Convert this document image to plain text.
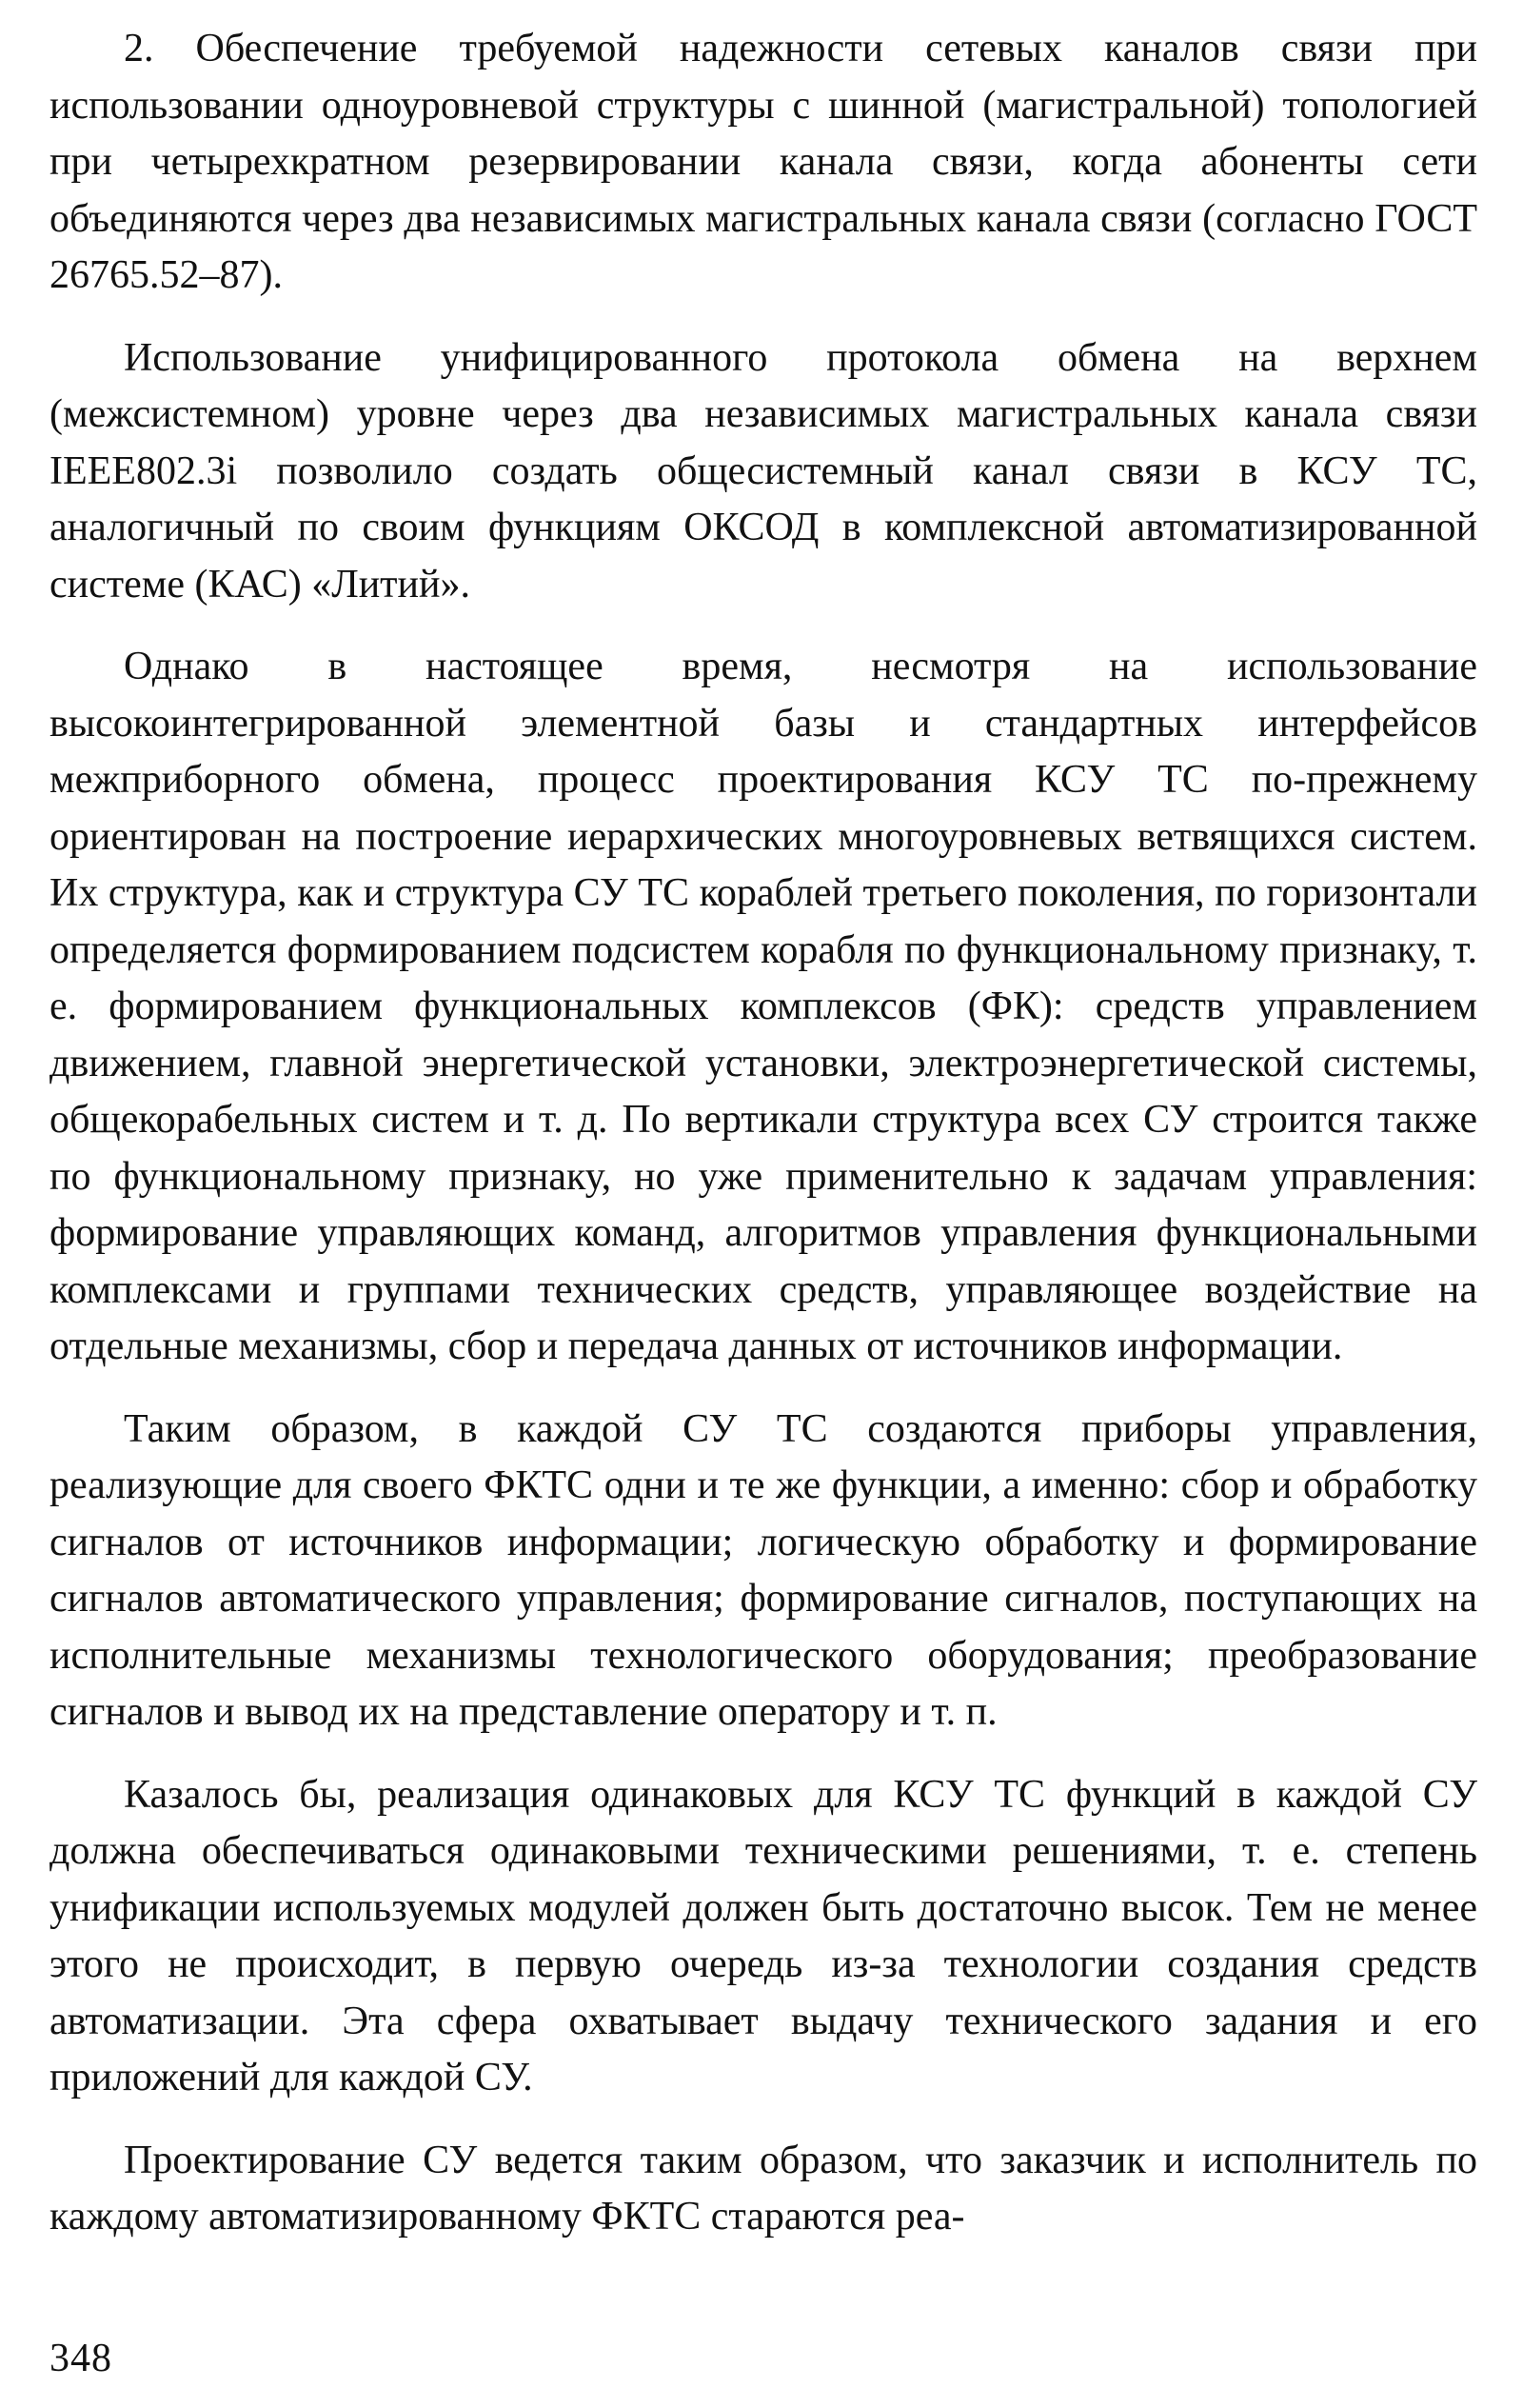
2. Обеспечение требуемой надежности сетевых каналов связи при использовании одноуровневой структуры с шинной (магистральной) топологией при четырехкратном резервировании канала связи, когда абоненты сети объединяются через два независимых магистральных канала связи (согласно ГОСТ 26765.52–87).

Использование унифицированного протокола обмена на верхнем (межсистемном) уровне через два независимых магистральных канала связи IEEE802.3i позволило создать общесистемный канал связи в КСУ ТС, аналогичный по своим функциям ОКСОД в комплексной автоматизированной системе (КАС) «Литий».

Однако в настоящее время, несмотря на использование высокоинтегрированной элементной базы и стандартных интерфейсов межприборного обмена, процесс проектирования КСУ ТС по-прежнему ориентирован на построение иерархических многоуровневых ветвящихся систем. Их структура, как и структура СУ ТС кораблей третьего поколения, по горизонтали определяется формированием подсистем корабля по функциональному признаку, т. е. формированием функциональных комплексов (ФК): средств управлением движением, главной энергетической установки, электроэнергетической системы, общекорабельных систем и т. д. По вертикали структура всех СУ строится также по функциональному признаку, но уже применительно к задачам управления: формирование управляющих команд, алгоритмов управления функциональными комплексами и группами технических средств, управляющее воздействие на отдельные механизмы, сбор и передача данных от источников информации.

Таким образом, в каждой СУ ТС создаются приборы управления, реализующие для своего ФКТС одни и те же функции, а именно: сбор и обработку сигналов от источников информации; логическую обработку и формирование сигналов автоматического управления; формирование сигналов, поступающих на исполнительные механизмы технологического оборудования; преобразование сигналов и вывод их на представление оператору и т. п.

Казалось бы, реализация одинаковых для КСУ ТС функций в каждой СУ должна обеспечиваться одинаковыми техническими решениями, т. е. степень унификации используемых модулей должен быть достаточно высок. Тем не менее этого не происходит, в первую очередь из-за технологии создания средств автоматизации. Эта сфера охватывает выдачу технического задания и его приложений для каждой СУ.

Проектирование СУ ведется таким образом, что заказчик и исполнитель по каждому автоматизированному ФКТС стараются реа-

348
